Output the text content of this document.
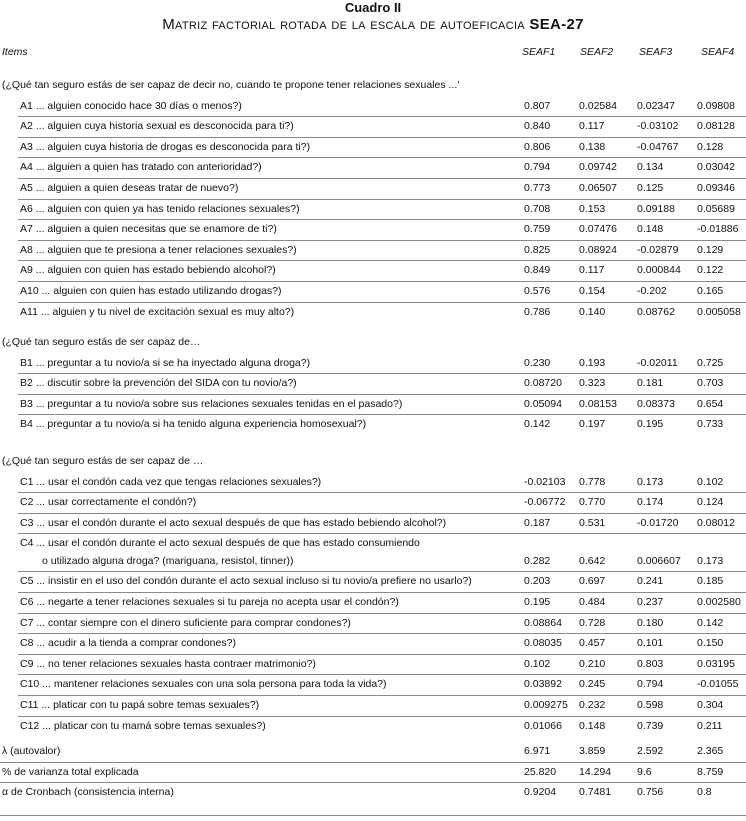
Cuadro II
Matriz factorial rotada de la escala de autoeficacia SEA-27
Items	SEAF1 SEAF2 SEAF3	SEAF4
(¿Qué tan seguro estás de ser capaz de decir no, cuando te propone tener relaciones sexuales ...’
A1 ... alguien conocido hace 30 días o menos?)	0.807	0.02584 0.02347 0.09808
A2 ... alguien cuya historia sexual es desconocida para ti?)	0.840	0.117	-0.03102 0.08128
A3 ... alguien cuya historia de drogas es desconocida para ti?)	0.806	0.138	-0.04767 0.128
A4 ... alguien a quien has tratado con anterioridad?)	0.794	0.09742 0.134	0.03042
A5 ... alguien a quien deseas tratar de nuevo?)	0.773	0.06507 0.125	0.09346
A6 ... alguien con quien ya has tenido relaciones sexuales?)	0.708	0.153	0.09188 0.05689
A7 ... alguien a quien necesitas que se enamore de ti?)	0.759	0.07476 0.148	-0.01886
A8 ... alguien que te presiona a tener relaciones sexuales?)	0.825	0.08924 -0.02879 0.129
A9 ... alguien con quien has estado bebiendo alcohol?)	0.849	0.117	0.000844 0.122
A10 ... alguien con quien has estado utilizando drogas?)	0.576	0.154	-0.202	0.165
A11 ... alguien y tu nivel de excitación sexual es muy alto?)	0.786	0.140	0.08762 0.005058
(¿Qué tan seguro estás de ser capaz de…
B1 ... preguntar a tu novio/a si se ha inyectado alguna droga?)	0.230	0.193	-0.02011 0.725
B2 ... discutir sobre la prevención del SIDA con tu novio/a?)	0.08720 0.323	0.181	0.703
B3 ... preguntar a tu novio/a sobre sus relaciones sexuales tenidas en el pasado?)	0.05094 0.08153 0.08373 0.654
B4 ... preguntar a tu novio/a si ha tenido alguna experiencia homosexual?)	0.142	0.197	0.195	0.733
(¿Qué tan seguro estás de ser capaz de …
C1 ... usar el condón cada vez que tengas relaciones sexuales?)	-0.02103 0.778	0.173	0.102
C2 ... usar correctamente el condón?)	-0.06772 0.770	0.174	0.124
C3 ... usar el condón durante el acto sexual después de que has estado bebiendo alcohol?)	0.187	0.531	-0.01720 0.08012
C4 ... usar el condón durante el acto sexual después de que has estado consumiendo
o utilizado alguna droga? (mariguana, resistol, tinner))	0.282	0.642	0.006607 0.173
C5 ... insistir en el uso del condón durante el acto sexual incluso si tu novio/a prefiere no usarlo?)	0.203	0.697	0.241	0.185
C6 ... negarte a tener relaciones sexuales si tu pareja no acepta usar el condón?)	0.195	0.484	0.237	0.002580
C7 ... contar siempre con el dinero suficiente para comprar condones?)	0.08864 0.728	0.180	0.142
C8 ... acudir a la tienda a comprar condones?)	0.08035 0.457	0.101	0.150
C9 ... no tener relaciones sexuales hasta contraer matrimonio?)	0.102	0.210	0.803	0.03195
C10 ... mantener relaciones sexuales con una sola persona para toda la vida?)	0.03892 0.245	0.794	-0.01055
C11 ... platicar con tu papá sobre temas sexuales?)	0.009275 0.232	0.598	0.304
C12 ... platicar con tu mamá sobre temas sexuales?)	0.01066 0.148	0.739	0.211
λ (autovalor)	6.971	3.859	2.592	2.365
% de varianza total explicada	25.820 14.294 9.6	8.759
α de Cronbach (consistencia interna)	0.9204 0.7481 0.756	0.8
